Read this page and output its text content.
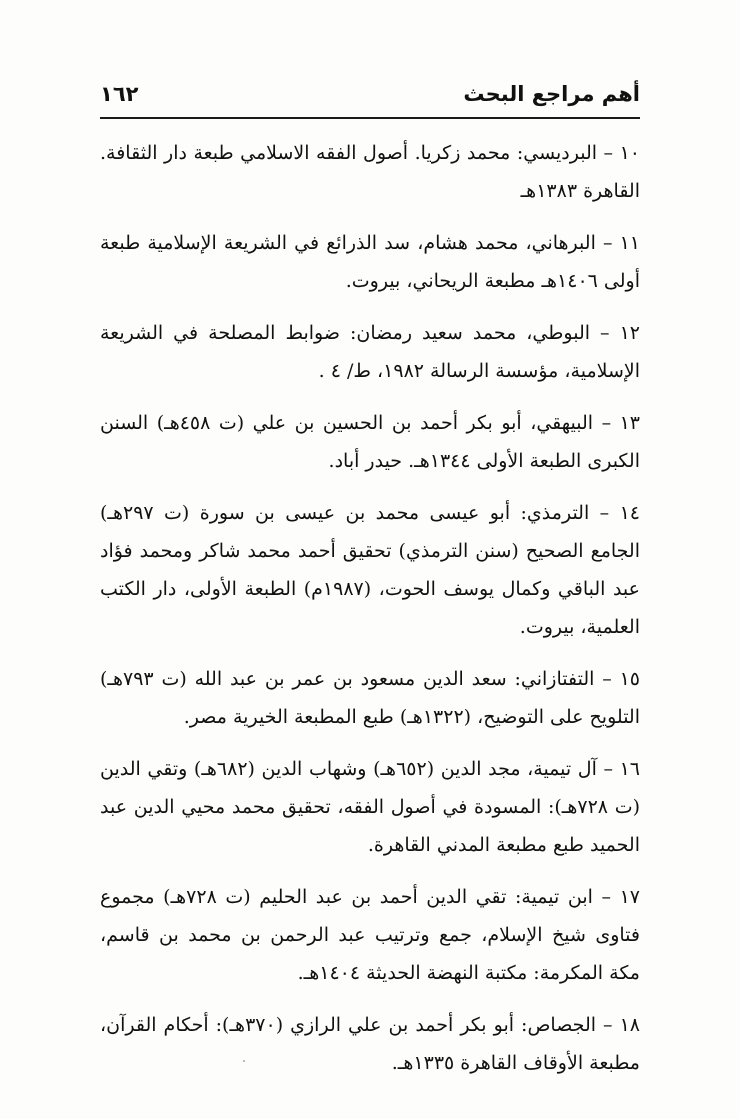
أهم مراجع البحث
١٦٢

١٠ – البرديسي: محمد زكريا. أصول الفقه الاسلامي طبعة دار الثقافة. القاهرة ١٣٨٣هـ

١١ – البرهاني، محمد هشام، سد الذرائع في الشريعة الإسلامية طبعة أولى ١٤٠٦هـ مطبعة الريحاني، بيروت.

١٢ – البوطي، محمد سعيد رمضان: ضوابط المصلحة في الشريعة الإسلامية، مؤسسة الرسالة ١٩٨٢، ط/ ٤ .

١٣ – البيهقي، أبو بكر أحمد بن الحسين بن علي (ت ٤٥٨هـ) السنن الكبرى الطبعة الأولى ١٣٤٤هـ. حيدر أباد.

١٤ – الترمذي: أبو عيسى محمد بن عيسى بن سورة (ت ٢٩٧هـ) الجامع الصحيح (سنن الترمذي) تحقيق أحمد محمد شاكر ومحمد فؤاد عبد الباقي وكمال يوسف الحوت، (١٩٨٧م) الطبعة الأولى، دار الكتب العلمية، بيروت.

١٥ – التفتازاني: سعد الدين مسعود بن عمر بن عبد الله (ت ٧٩٣هـ) التلويح على التوضيح، (١٣٢٢هـ) طبع المطبعة الخيرية مصر.

١٦ – آل تيمية، مجد الدين (٦٥٢هـ) وشهاب الدين (٦٨٢هـ) وتقي الدين (ت ٧٢٨هـ): المسودة في أصول الفقه، تحقيق محمد محيي الدين عبد الحميد طبع مطبعة المدني القاهرة.

١٧ – ابن تيمية: تقي الدين أحمد بن عبد الحليم (ت ٧٢٨هـ) مجموع فتاوى شيخ الإسلام، جمع وترتيب عبد الرحمن بن محمد بن قاسم، مكة المكرمة: مكتبة النهضة الحديثة ١٤٠٤هـ.

١٨ – الجصاص: أبو بكر أحمد بن علي الرازي (٣٧٠هـ): أحكام القرآن، مطبعة الأوقاف القاهرة ١٣٣٥هـ.
